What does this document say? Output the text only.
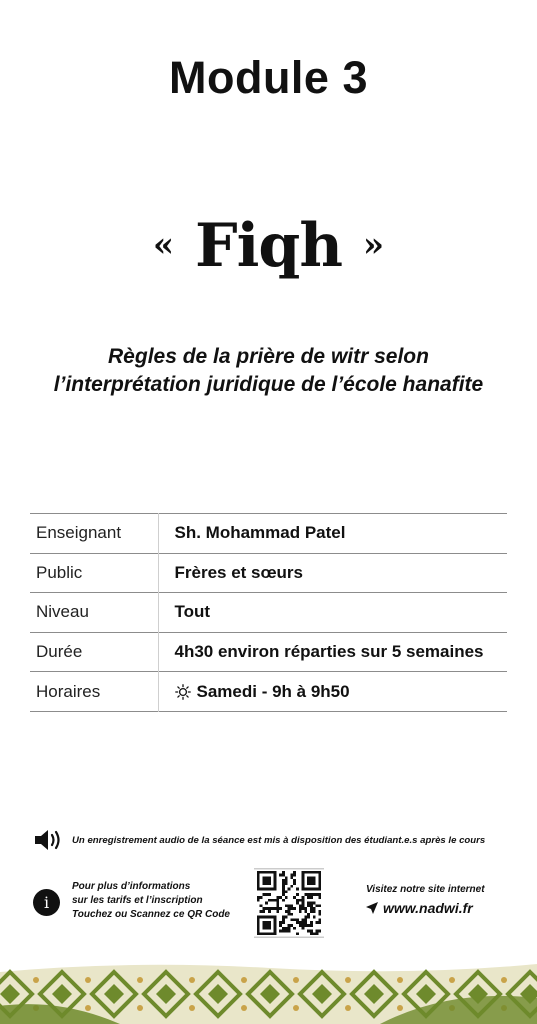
Module 3
« Fiqh »
Règles de la prière de witr selon
l’interprétation juridique de l’école hanafite
Enseignant	Sh. Mohammad Patel
Public	Frères et sœurs
Niveau	Tout
Durée	4h30 environ réparties sur 5 semaines
Horaires	Samedi - 9h à 9h50
Un enregistrement audio de la séance est mis à disposition des étudiant.e.s après le cours
i
Pour plus d’informations
sur les tarifs et l’inscription
Touchez ou Scannez ce QR Code
Visitez notre site internet
www.nadwi.fr
